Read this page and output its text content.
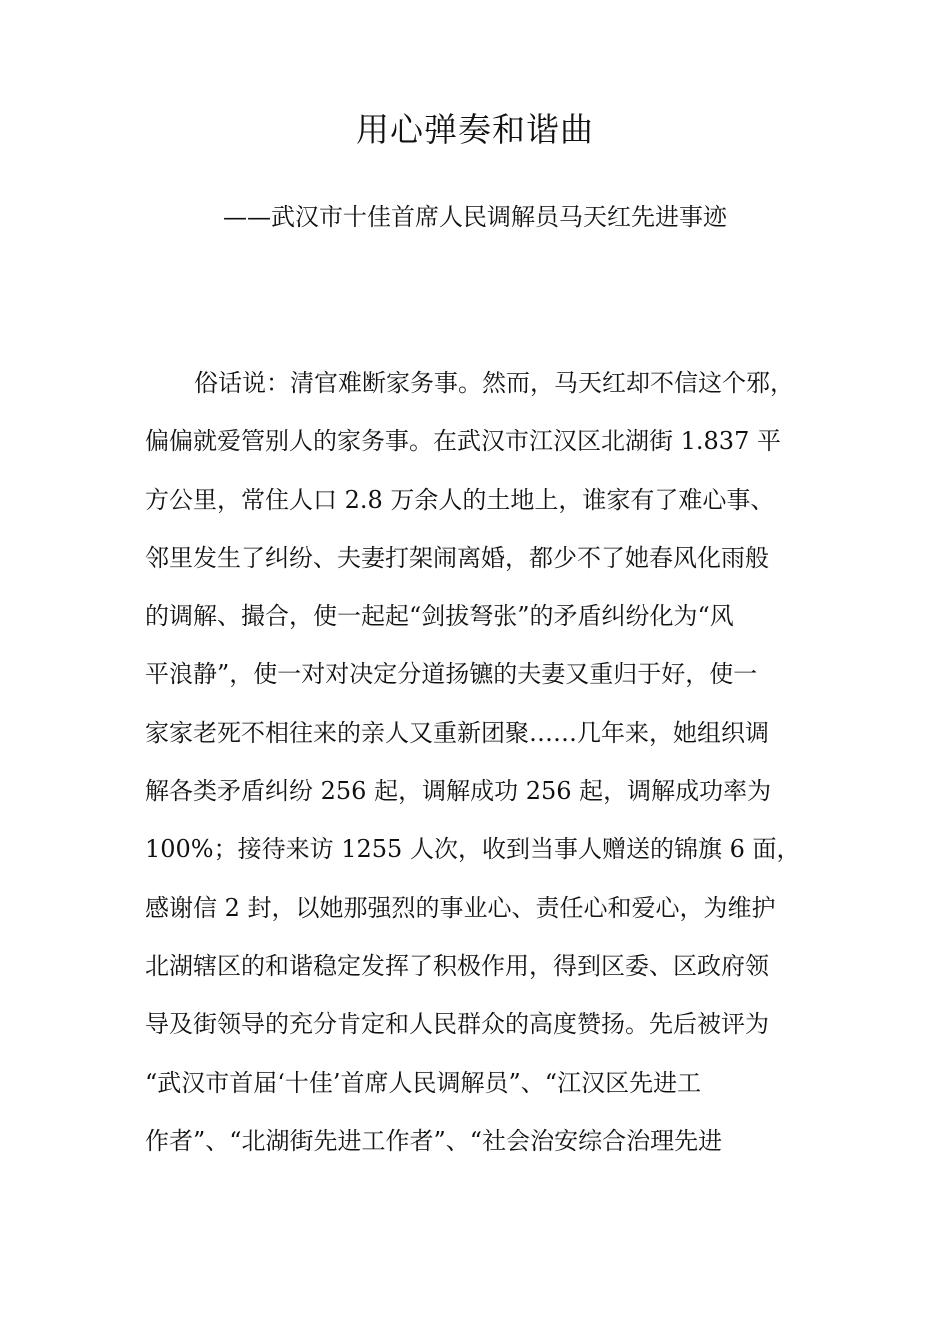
用心弹奏和谐曲
——武汉市十佳首席人民调解员马天红先进事迹
俗话说：清官难断家务事。然而，马天红却不信这个邪，
偏偏就爱管别人的家务事。在武汉市江汉区北湖街 1.837 平
方公里，常住人口 2.8 万余人的土地上，谁家有了难心事、
邻里发生了纠纷、夫妻打架闹离婚，都少不了她春风化雨般
的调解、撮合，使一起起“剑拔弩张”的矛盾纠纷化为“风
平浪静”，使一对对决定分道扬镳的夫妻又重归于好，使一
家家老死不相往来的亲人又重新团聚……几年来，她组织调
解各类矛盾纠纷 256 起，调解成功 256 起，调解成功率为
100%；接待来访 1255 人次，收到当事人赠送的锦旗 6 面，
感谢信 2 封，以她那强烈的事业心、责任心和爱心，为维护
北湖辖区的和谐稳定发挥了积极作用，得到区委、区政府领
导及街领导的充分肯定和人民群众的高度赞扬。先后被评为
“武汉市首届‘十佳’首席人民调解员”、“江汉区先进工
作者”、“北湖街先进工作者”、“社会治安综合治理先进
